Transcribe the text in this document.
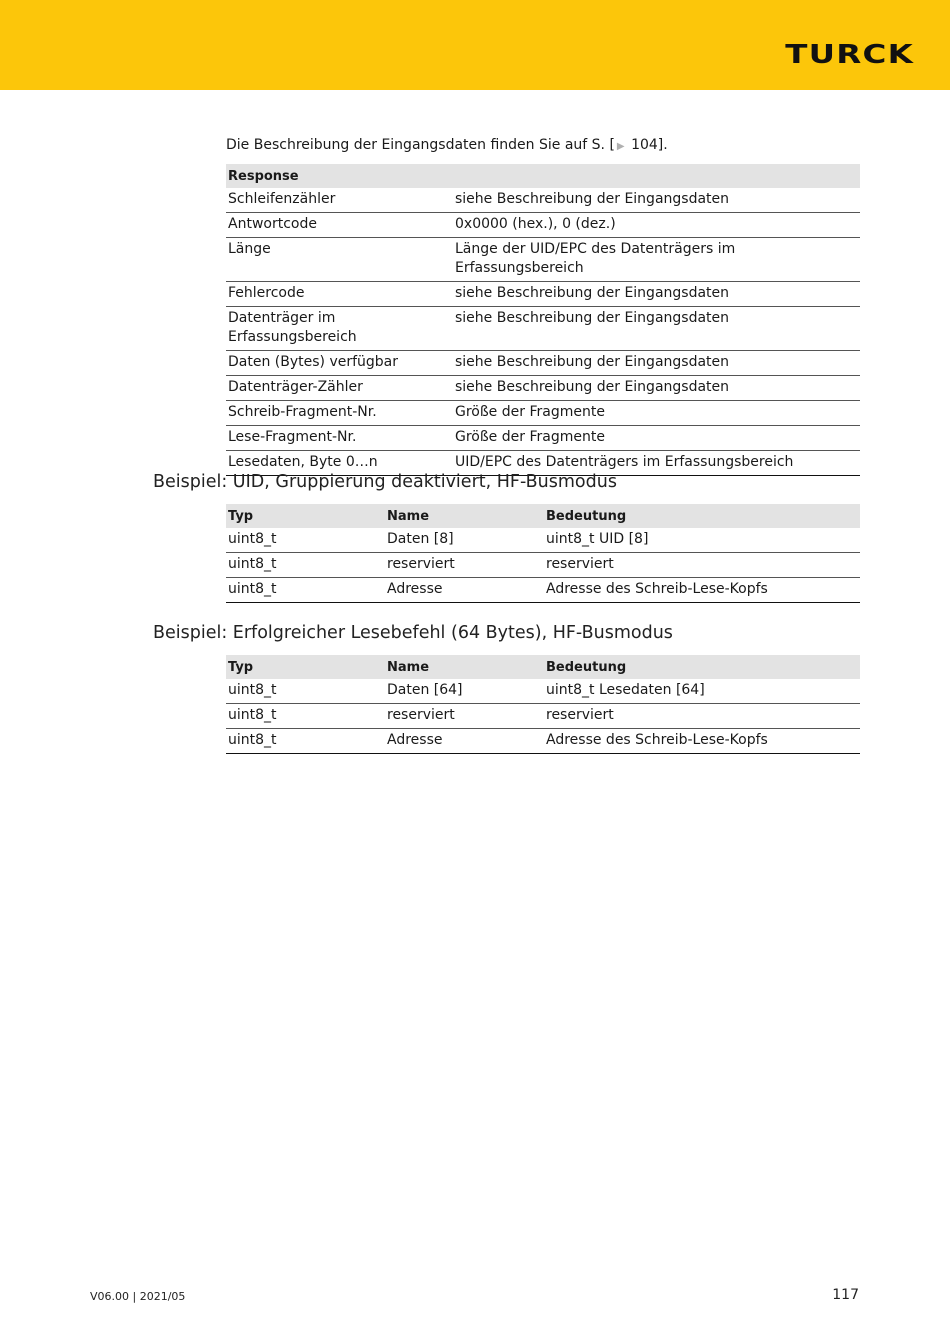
TURCK
Die Beschreibung der Eingangsdaten finden Sie auf S. [ ▶ 104].
Response	
Schleifenzähler	siehe Beschreibung der Eingangsdaten
Antwortcode	0x0000 (hex.), 0 (dez.)
Länge	Länge der UID/EPC des Datenträgers im Erfassungsbereich
Fehlercode	siehe Beschreibung der Eingangsdaten
Datenträger im Erfassungsbereich	siehe Beschreibung der Eingangsdaten
Daten (Bytes) verfügbar	siehe Beschreibung der Eingangsdaten
Datenträger-Zähler	siehe Beschreibung der Eingangsdaten
Schreib-Fragment-Nr.	Größe der Fragmente
Lese-Fragment-Nr.	Größe der Fragmente
Lesedaten, Byte 0…n	UID/EPC des Datenträgers im Erfassungsbereich
Beispiel: UID, Gruppierung deaktiviert, HF-Busmodus
Typ	Name	Bedeutung
uint8_t	Daten [8]	uint8_t UID [8]
uint8_t	reserviert	reserviert
uint8_t	Adresse	Adresse des Schreib-Lese-Kopfs
Beispiel: Erfolgreicher Lesebefehl (64 Bytes), HF-Busmodus
Typ	Name	Bedeutung
uint8_t	Daten [64]	uint8_t Lesedaten [64]
uint8_t	reserviert	reserviert
uint8_t	Adresse	Adresse des Schreib-Lese-Kopfs
V06.00 | 2021/05	117
